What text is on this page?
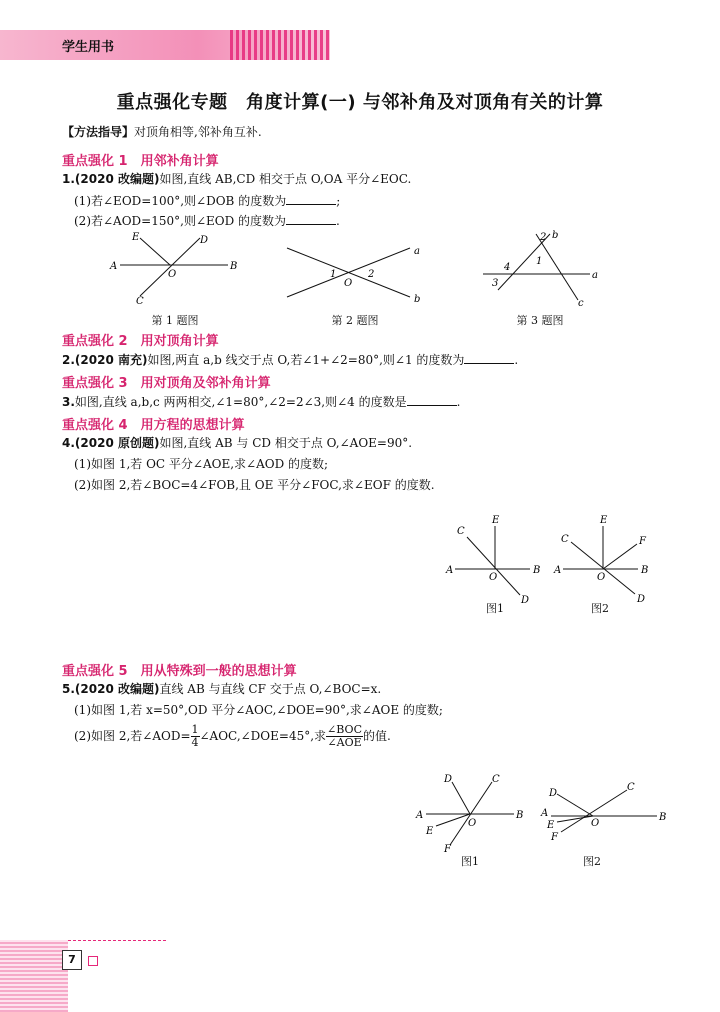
学生用书
重点强化专题　角度计算(一) 与邻补角及对顶角有关的计算
【方法指导】对顶角相等,邻补角互补.
重点强化 1　用邻补角计算
1.(2020 改编题)如图,直线 AB,CD 相交于点 O,OA 平分∠EOC.
(1)若∠EOD=100°,则∠DOB 的度数为	;
(2)若∠AOD=150°,则∠EOD 的度数为	.
A	B
C
D
E
O
第 1 题图
a
b
1	2
O
第 2 题图
a
b
c
1
2
3
4
第 3 题图
重点强化 2　用对顶角计算
2.(2020 南充)如图,两直 a,b 线交于点 O,若∠1+∠2=80°,则∠1 的度数为	.
重点强化 3　用对顶角及邻补角计算
3.如图,直线 a,b,c 两两相交,∠1=80°,∠2=2∠3,则∠4 的度数是	.
重点强化 4　用方程的思想计算
4.(2020 原创题)如图,直线 AB 与 CD 相交于点 O,∠AOE=90°.
(1)如图 1,若 OC 平分∠AOE,求∠AOD 的度数;
(2)如图 2,若∠BOC=4∠FOB,且 OE 平分∠FOC,求∠EOF 的度数.
A	B
C
D
E
O
图1
A	B
C
D
E
F
O
图2
重点强化 5　用从特殊到一般的思想计算
5.(2020 改编题)直线 AB 与直线 CF 交于点 O,∠BOC=x.
(1)如图 1,若 x=50°,OD 平分∠AOC,∠DOE=90°,求∠AOE 的度数;
(2)如图 2,若∠AOD= $\frac{1}{4}$ ∠AOC,∠DOE=45°,求 $\frac{\text{∠BOC}}{\text{∠AOE}}$ 的值.
A	B
C
D
E
F
O
图1
A	B
C
D
E
F
O
图2
7
